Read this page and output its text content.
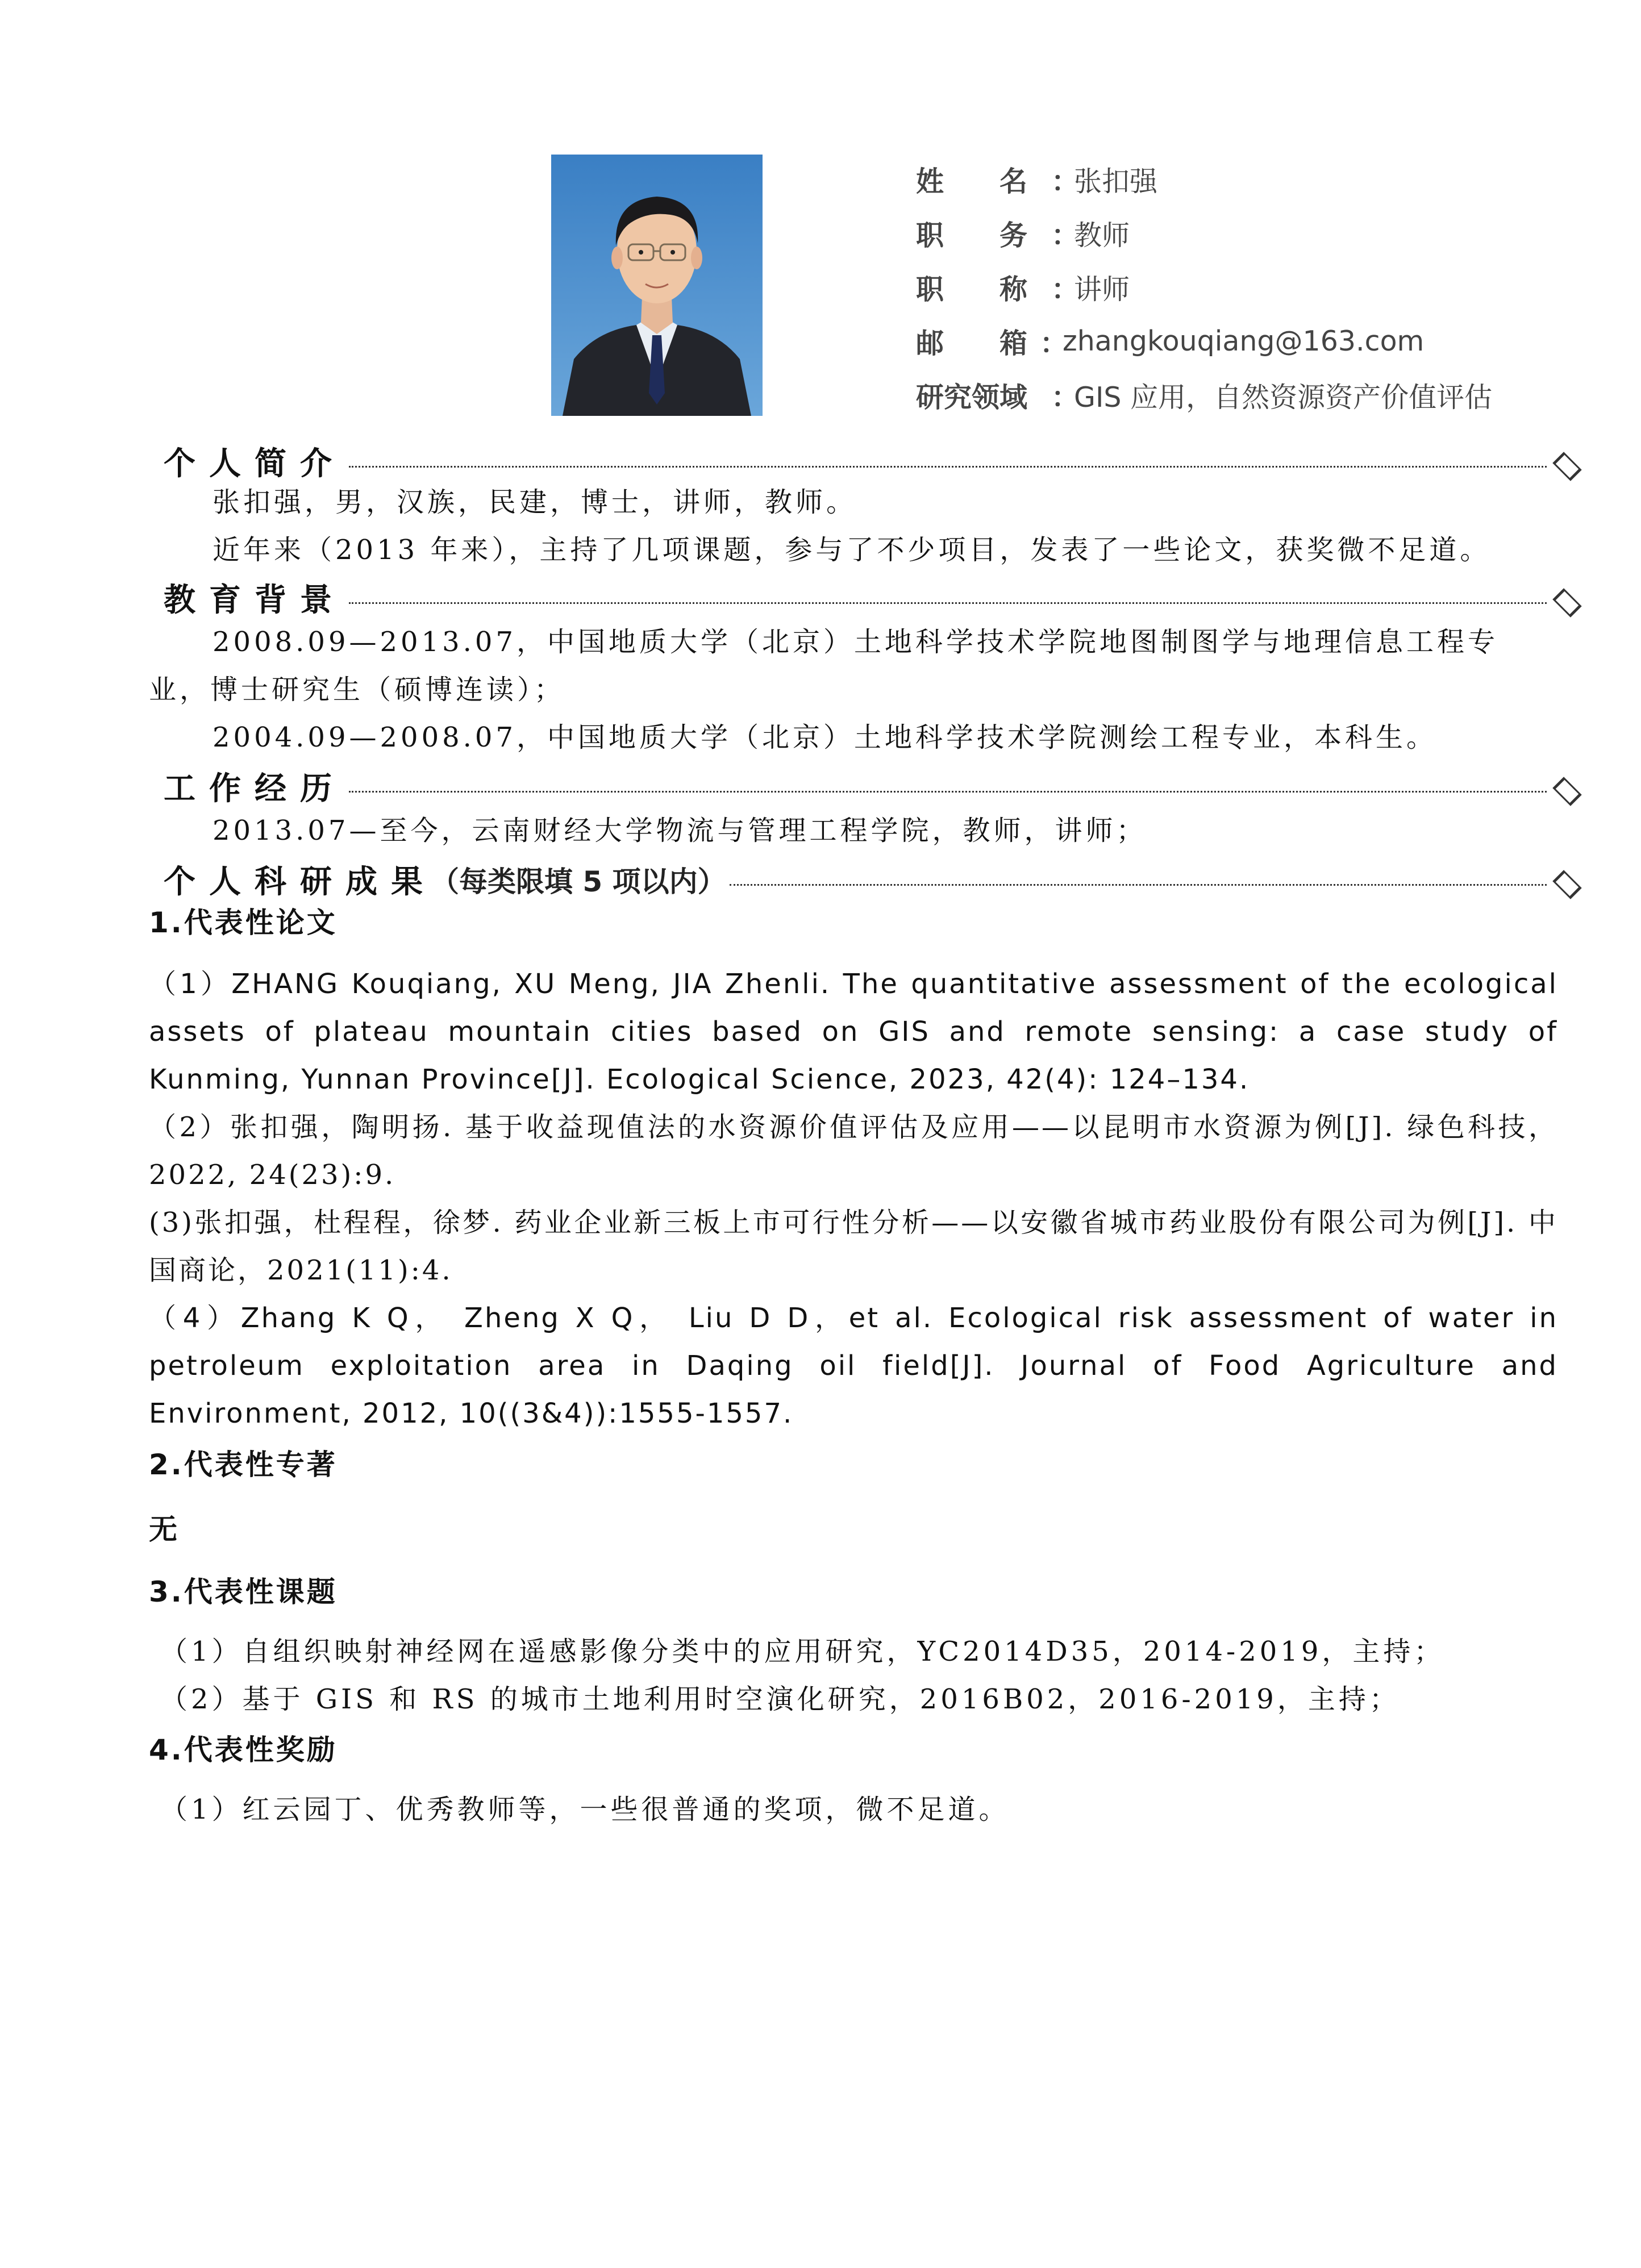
姓　　名 ：
张扣强
职　　务 ：
教师
职　　称 ：
讲师
邮　　箱 ：
zhangkouqiang@163.com
研究领域 ：
GIS 应用，自然资源资产价值评估
个人简介
张扣强，男，汉族，民建，博士，讲师，教师。
近年来（2013 年来），主持了几项课题，参与了不少项目，发表了一些论文，获奖微不足道。
教育背景
2008.09—2013.07，中国地质大学（北京）土地科学技术学院地图制图学与地理信息工程专业，博士研究生（硕博连读）；
2004.09—2008.07，中国地质大学（北京）土地科学技术学院测绘工程专业，本科生。
工作经历
2013.07—至今，云南财经大学物流与管理工程学院，教师，讲师；
个人科研成果
（每类限填 5 项以内）
1.代表性论文
（1）ZHANG Kouqiang, XU Meng, JIA Zhenli. The quantitative assessment of the ecological assets of plateau mountain cities based on GIS and remote sensing: a case study of Kunming, Yunnan Province[J]. Ecological Science, 2023, 42(4): 124–134.
（2）张扣强，陶明扬. 基于收益现值法的水资源价值评估及应用——以昆明市水资源为例[J]. 绿色科技，2022, 24(23):9.
(3)张扣强，杜程程，徐梦. 药业企业新三板上市可行性分析——以安徽省城市药业股份有限公司为例[J]. 中国商论，2021(11):4.
（4）Zhang K Q， Zheng X Q， Liu D D，et al. Ecological risk assessment of water in petroleum exploitation area in Daqing oil field[J]. Journal of Food Agriculture and Environment, 2012, 10((3&4)):1555-1557.
2.代表性专著
无
3.代表性课题
（1）自组织映射神经网在遥感影像分类中的应用研究，YC2014D35，2014-2019，主持；
（2）基于 GIS 和 RS 的城市土地利用时空演化研究，2016B02，2016-2019，主持；
4.代表性奖励
（1）红云园丁、优秀教师等，一些很普通的奖项，微不足道。
